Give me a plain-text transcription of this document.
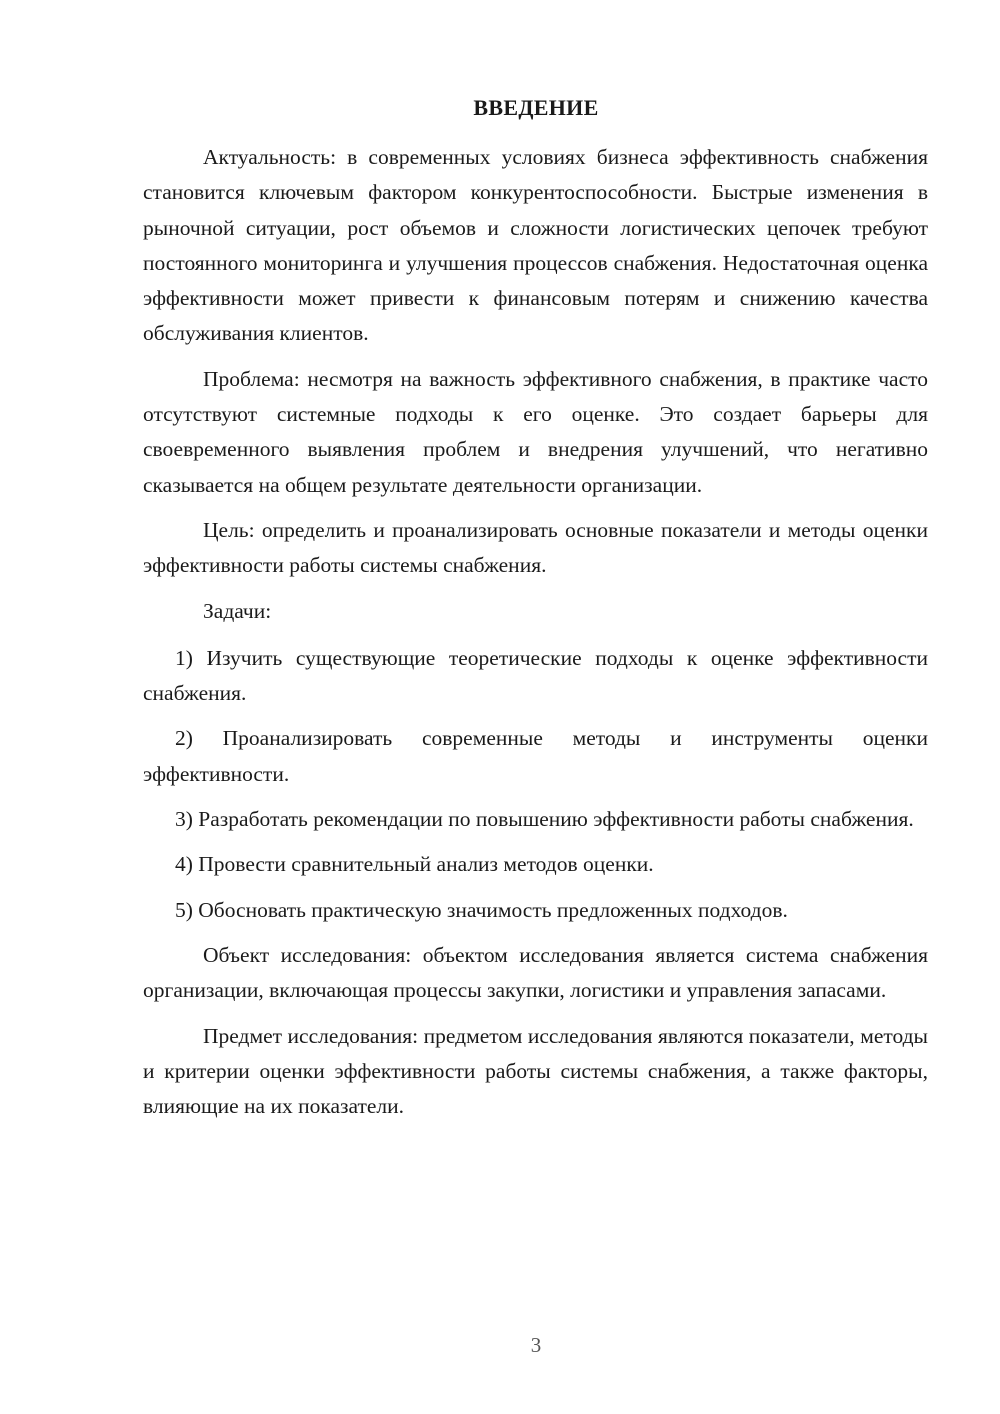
ВВЕДЕНИЕ

Актуальность: в современных условиях бизнеса эффективность снабжения становится ключевым фактором конкурентоспособности. Быстрые изменения в рыночной ситуации, рост объемов и сложности логистических цепочек требуют постоянного мониторинга и улучшения процессов снабжения. Недостаточная оценка эффективности может привести к финансовым потерям и снижению качества обслуживания клиентов.

Проблема: несмотря на важность эффективного снабжения, в практике часто отсутствуют системные подходы к его оценке. Это создает барьеры для своевременного выявления проблем и внедрения улучшений, что негативно сказывается на общем результате деятельности организации.

Цель: определить и проанализировать основные показатели и методы оценки эффективности работы системы снабжения.

Задачи:

1) Изучить существующие теоретические подходы к оценке эффективности снабжения.

2) Проанализировать современные методы и инструменты оценки эффективности.

3) Разработать рекомендации по повышению эффективности работы снабжения.

4) Провести сравнительный анализ методов оценки.

5) Обосновать практическую значимость предложенных подходов.

Объект исследования: объектом исследования является система снабжения организации, включающая процессы закупки, логистики и управления запасами.

Предмет исследования: предметом исследования являются показатели, методы и критерии оценки эффективности работы системы снабжения, а также факторы, влияющие на их показатели.

3
